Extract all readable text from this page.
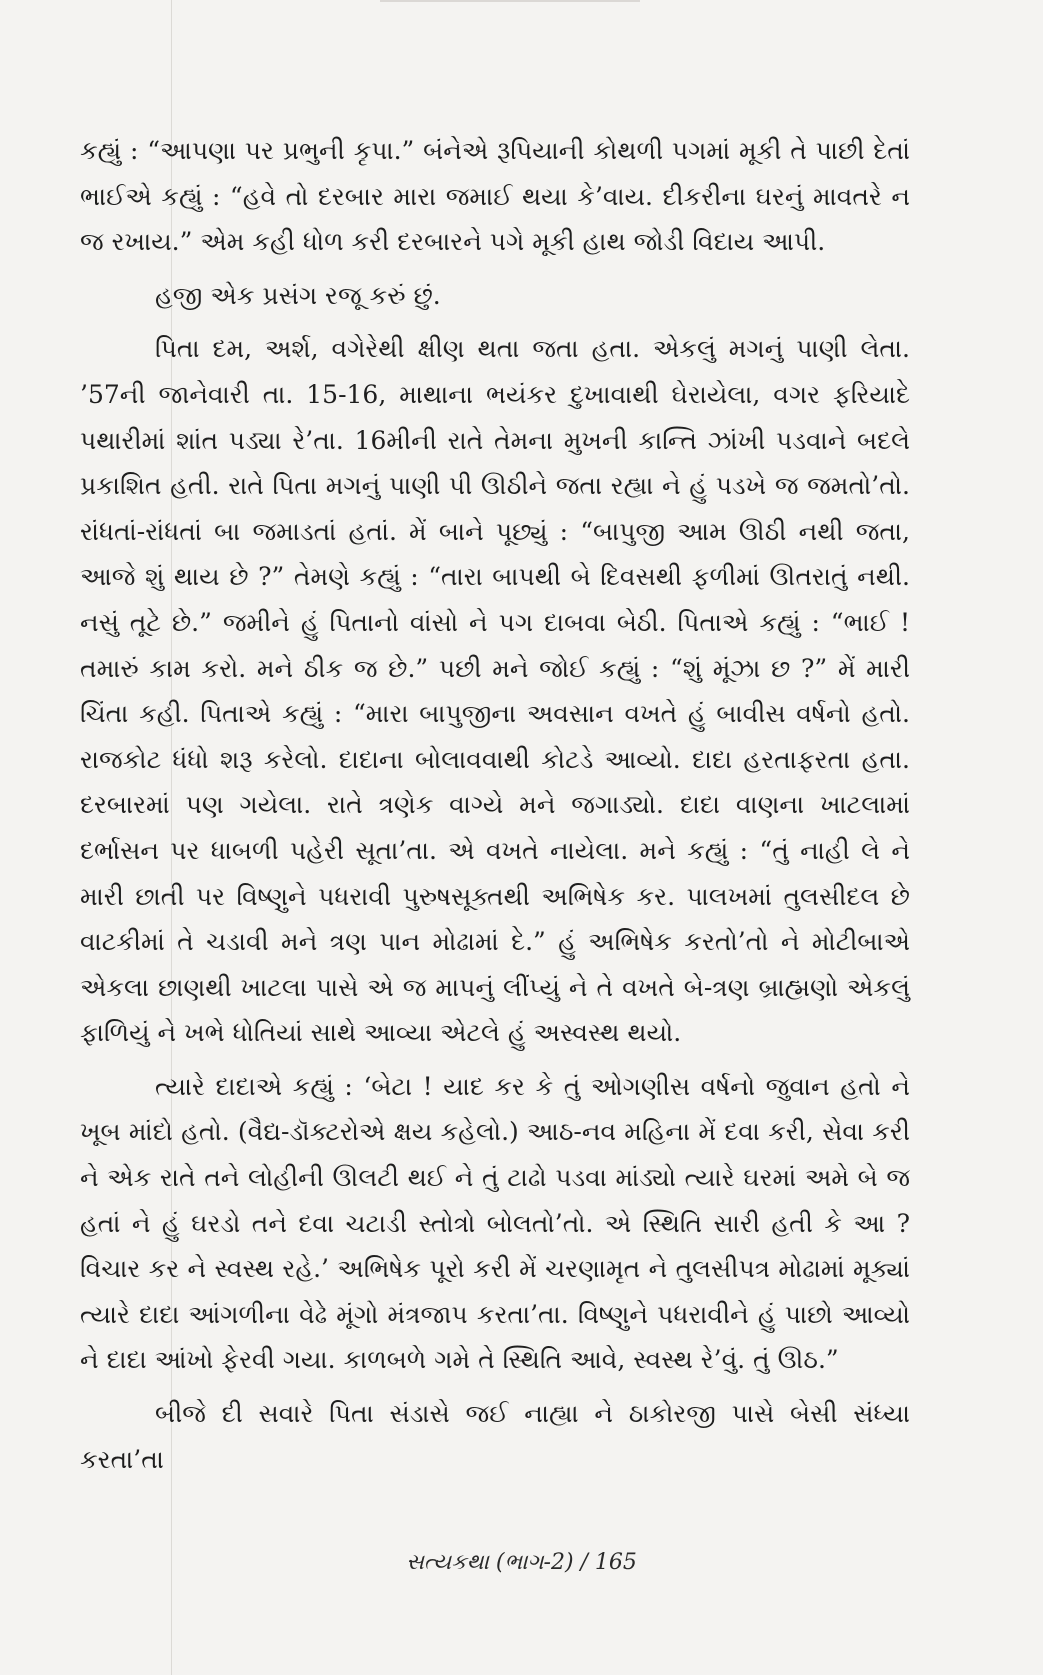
કહ્યું : “આપણા પર પ્રભુની કૃપા.” બંનેએ રૂપિયાની કોથળી પગમાં મૂકી તે પાછી દેતાં ભાઈએ કહ્યું : “હવે તો દરબાર મારા જમાઈ થયા કે’વાય. દીકરીના ઘરનું માવતરે ન જ રખાય.” એમ કહી ધોળ કરી દરબારને પગે મૂકી હાથ જોડી વિદાય આપી.

હજી એક પ્રસંગ રજૂ કરું છું.

પિતા દમ, અર્શ, વગેરેથી ક્ષીણ થતા જતા હતા. એકલું મગનું પાણી લેતા. ’57ની જાનેવારી તા. 15-16, માથાના ભયંકર દુખાવાથી ઘેરાયેલા, વગર ફરિયાદે પથારીમાં શાંત પડ્યા રે’તા. 16મીની રાતે તેમના મુખની કાન્તિ ઝાંખી પડવાને બદલે પ્રકાશિત હતી. રાતે પિતા મગનું પાણી પી ઊઠીને જતા રહ્યા ને હું પડખે જ જમતો’તો. રાંધતાં-રાંધતાં બા જમાડતાં હતાં. મેં બાને પૂછ્યું : “બાપુજી આમ ઊઠી નથી જતા, આજે શું થાય છે ?” તેમણે કહ્યું : “તારા બાપથી બે દિવસથી ફળીમાં ઊતરાતું નથી. નસું તૂટે છે.” જમીને હું પિતાનો વાંસો ને પગ દાબવા બેઠી. પિતાએ કહ્યું : “ભાઈ ! તમારું કામ કરો. મને ઠીક જ છે.” પછી મને જોઈ કહ્યું : “શું મૂંઝા છ ?” મેં મારી ચિંતા કહી. પિતાએ કહ્યું : “મારા બાપુજીના અવસાન વખતે હું બાવીસ વર્ષનો હતો. રાજકોટ ધંધો શરૂ કરેલો. દાદાના બોલાવવાથી કોટડે આવ્યો. દાદા હરતાફરતા હતા. દરબારમાં પણ ગયેલા. રાતે ત્રણેક વાગ્યે મને જગાડ્યો. દાદા વાણના ખાટલામાં દર્ભાસન પર ધાબળી પહેરી સૂતા’તા. એ વખતે નાયેલા. મને કહ્યું : “તું નાહી લે ને મારી છાતી પર વિષ્ણુને પધરાવી પુરુષસૂક્તથી અભિષેક કર. પાલખમાં તુલસીદલ છે વાટકીમાં તે ચડાવી મને ત્રણ પાન મોઢામાં દે.” હું અભિષેક કરતો’તો ને મોટીબાએ એકલા છાણથી ખાટલા પાસે એ જ માપનું લીંપ્યું ને તે વખતે બે-ત્રણ બ્રાહ્મણો એકલું ફાળિયું ને ખભે ધોતિયાં સાથે આવ્યા એટલે હું અસ્વસ્થ થયો.

ત્યારે દાદાએ કહ્યું : ‘બેટા ! યાદ કર કે તું ઓગણીસ વર્ષનો જુવાન હતો ને ખૂબ માંદો હતો. (વૈદ્ય-ડૉક્ટરોએ ક્ષય કહેલો.) આઠ-નવ મહિના મેં દવા કરી, સેવા કરી ને એક રાતે તને લોહીની ઊલટી થઈ ને તું ટાઢો પડવા માંડ્યો ત્યારે ઘરમાં અમે બે જ હતાં ને હું ઘરડો તને દવા ચટાડી સ્તોત્રો બોલતો’તો. એ સ્થિતિ સારી હતી કે આ ? વિચાર કર ને સ્વસ્થ રહે.’ અભિષેક પૂરો કરી મેં ચરણામૃત ને તુલસીપત્ર મોઢામાં મૂક્યાં ત્યારે દાદા આંગળીના વેઢે મૂંગો મંત્રજાપ કરતા’તા. વિષ્ણુને પધરાવીને હું પાછો આવ્યો ને દાદા આંખો ફેરવી ગયા. કાળબળે ગમે તે સ્થિતિ આવે, સ્વસ્થ રે’વું. તું ઊઠ.”

બીજે દી સવારે પિતા સંડાસે જઈ નાહ્યા ને ઠાકોરજી પાસે બેસી સંધ્યા કરતા’તા

સત્યકથા (ભાગ-2) / 165
